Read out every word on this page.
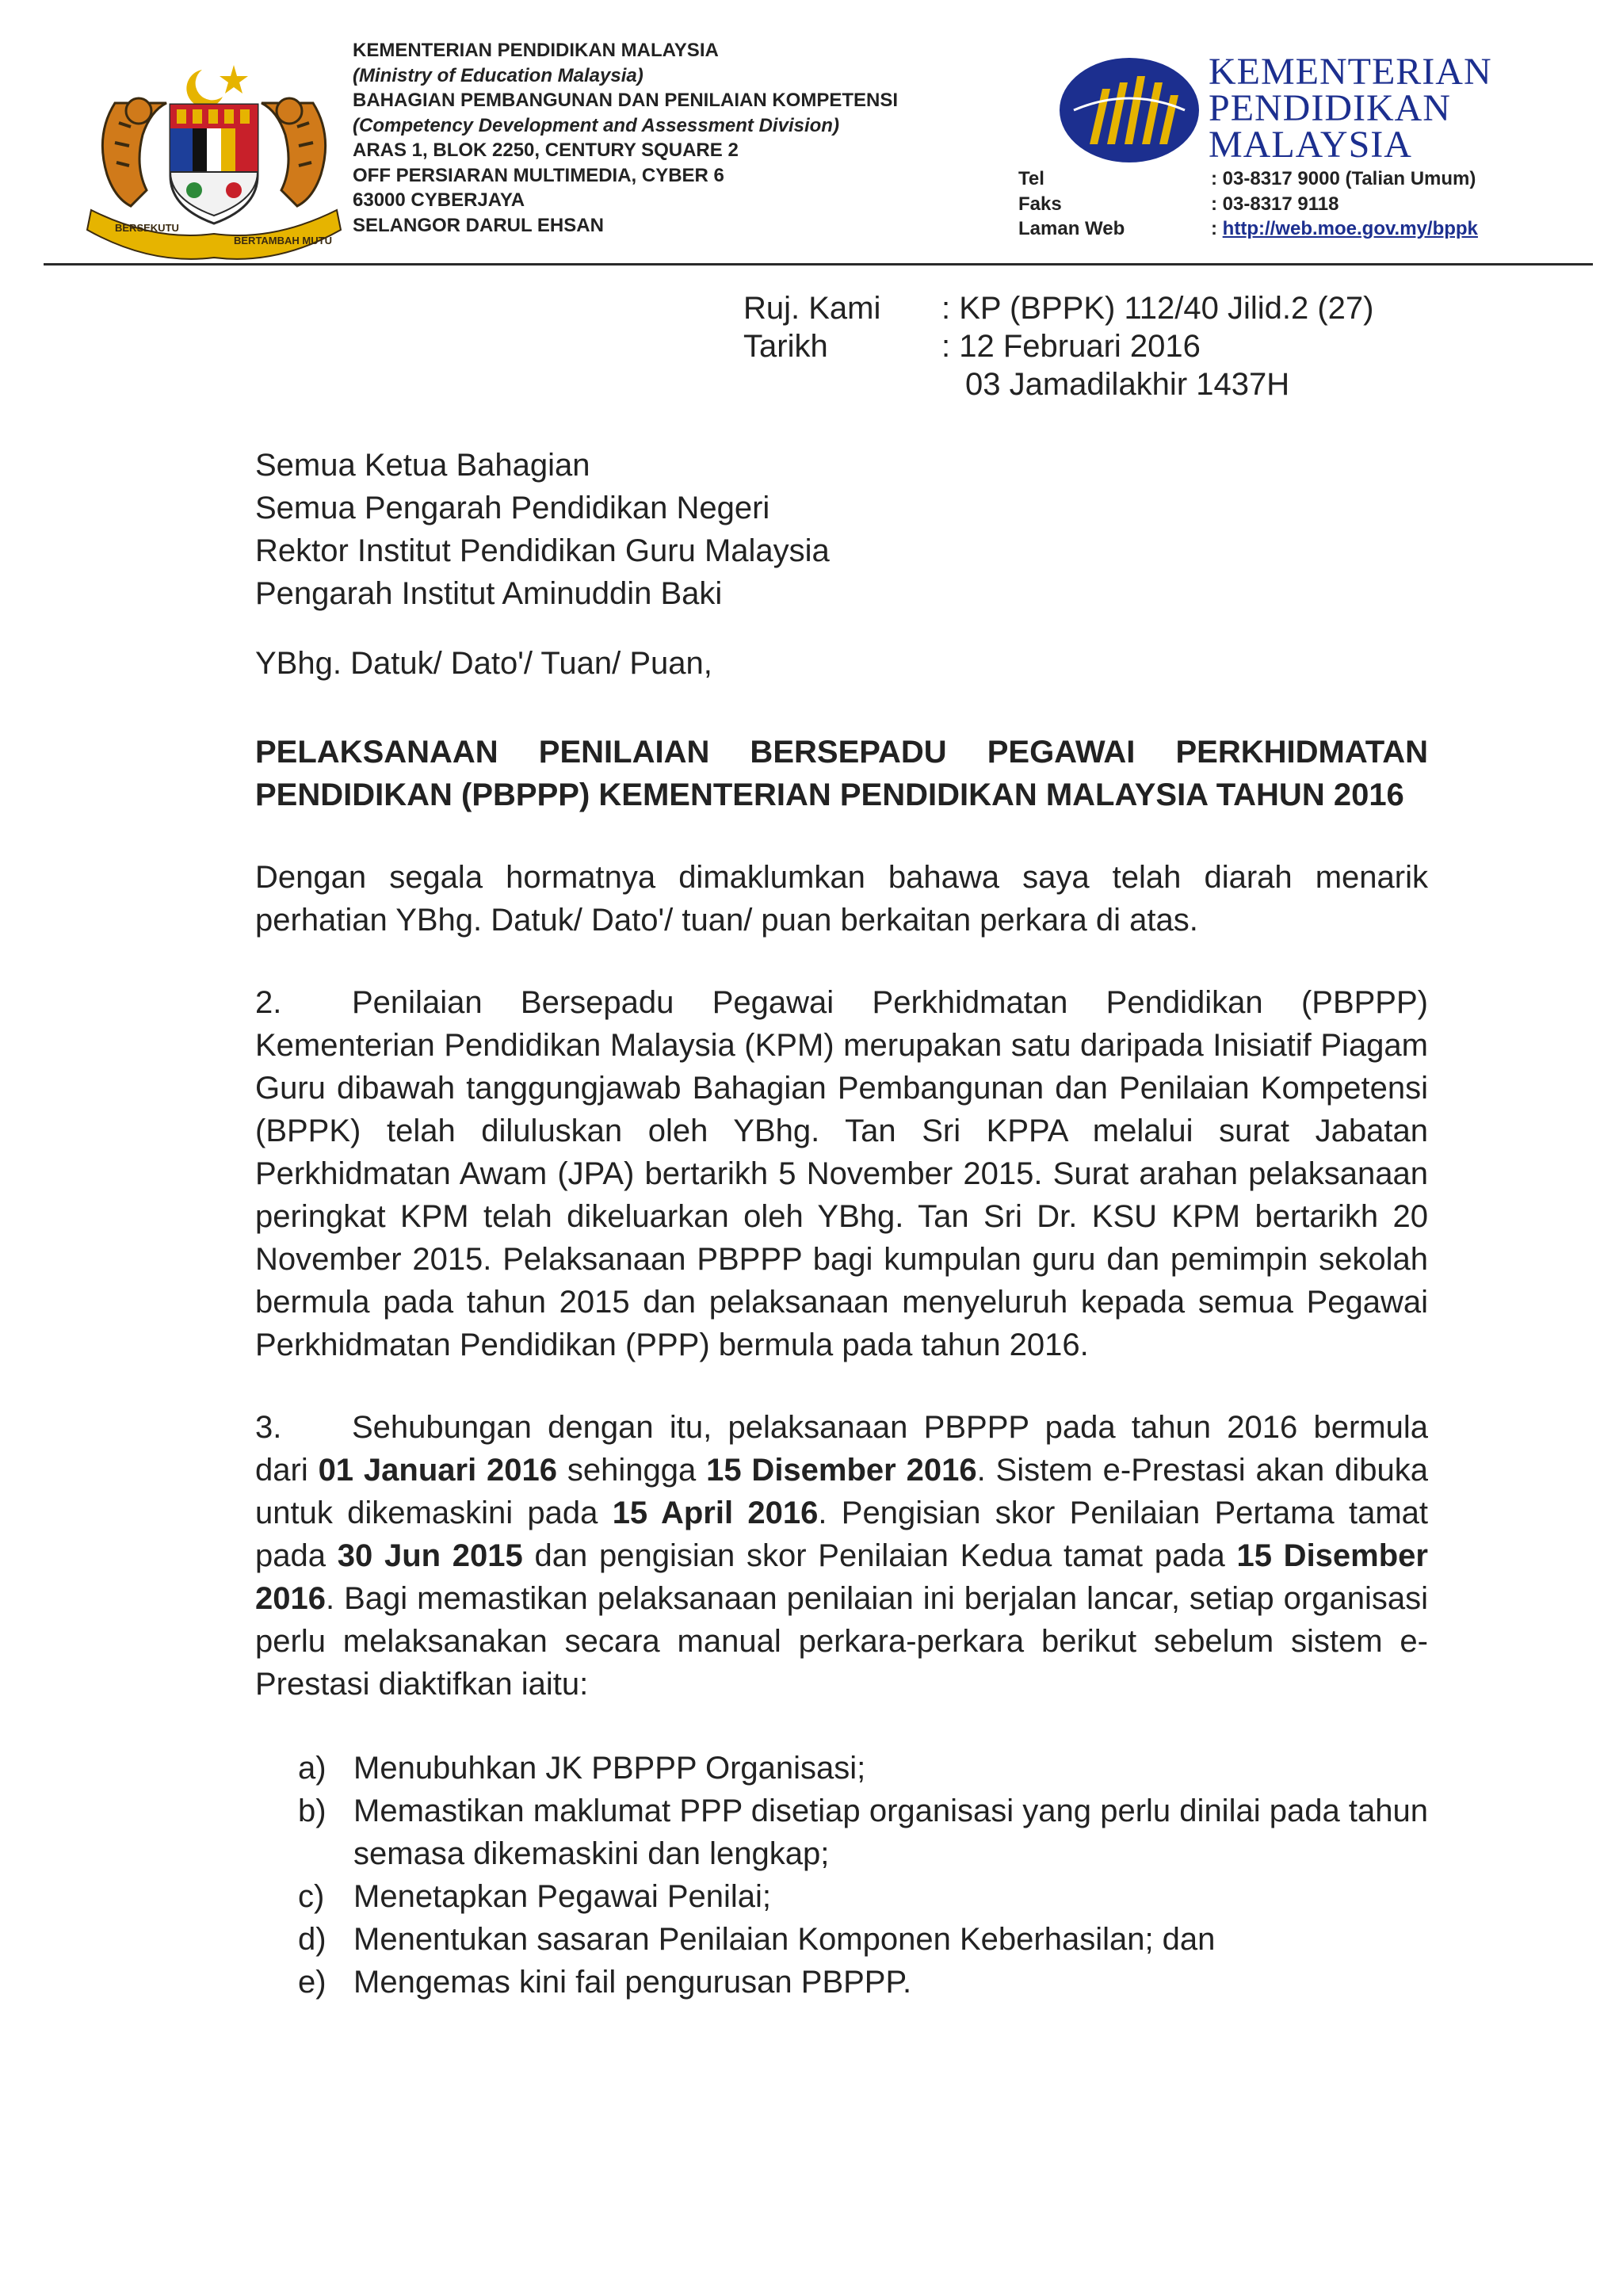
BERSEKUTU
BERTAMBAH MUTU
KEMENTERIAN PENDIDIKAN MALAYSIA
(Ministry of Education Malaysia)
BAHAGIAN PEMBANGUNAN DAN PENILAIAN KOMPETENSI
(Competency Development and Assessment Division)
ARAS 1, BLOK 2250, CENTURY SQUARE 2
OFF PERSIARAN MULTIMEDIA, CYBER 6
63000 CYBERJAYA
SELANGOR DARUL EHSAN
KEMENTERIAN
PENDIDIKAN
MALAYSIA
Tel	: 03-8317 9000 (Talian Umum)
Faks	: 03-8317 9118
Laman Web	: http://web.moe.gov.my/bppk
Ruj. Kami	: KP (BPPK) 112/40 Jilid.2 (27)
Tarikh	: 12 Februari 2016
03 Jamadilakhir 1437H

Semua Ketua Bahagian

Semua Pengarah Pendidikan Negeri

Rektor Institut Pendidikan Guru Malaysia

Pengarah Institut Aminuddin Baki

YBhg. Datuk/ Dato'/ Tuan/ Puan,
PELAKSANAAN PENILAIAN BERSEPADU PEGAWAI PERKHIDMATAN PENDIDIKAN (PBPPP) KEMENTERIAN PENDIDIKAN MALAYSIA TAHUN 2016
Dengan segala hormatnya dimaklumkan bahawa saya telah diarah menarik perhatian YBhg. Datuk/ Dato'/ tuan/ puan berkaitan perkara di atas.
2. Penilaian Bersepadu Pegawai Perkhidmatan Pendidikan (PBPPP) Kementerian Pendidikan Malaysia (KPM) merupakan satu daripada Inisiatif Piagam Guru dibawah tanggungjawab Bahagian Pembangunan dan Penilaian Kompetensi (BPPK) telah diluluskan oleh YBhg. Tan Sri KPPA melalui surat Jabatan Perkhidmatan Awam (JPA) bertarikh 5 November 2015. Surat arahan pelaksanaan peringkat KPM telah dikeluarkan oleh YBhg. Tan Sri Dr. KSU KPM bertarikh 20 November 2015. Pelaksanaan PBPPP bagi kumpulan guru dan pemimpin sekolah bermula pada tahun 2015 dan pelaksanaan menyeluruh kepada semua Pegawai Perkhidmatan Pendidikan (PPP) bermula pada tahun 2016.
3. Sehubungan dengan itu, pelaksanaan PBPPP pada tahun 2016 bermula dari 01 Januari 2016 sehingga 15 Disember 2016. Sistem e-Prestasi akan dibuka untuk dikemaskini pada 15 April 2016. Pengisian skor Penilaian Pertama tamat pada 30 Jun 2015 dan pengisian skor Penilaian Kedua tamat pada 15 Disember 2016. Bagi memastikan pelaksanaan penilaian ini berjalan lancar, setiap organisasi perlu melaksanakan secara manual perkara-perkara berikut sebelum sistem e-Prestasi diaktifkan iaitu:
a) Menubuhkan JK PBPPP Organisasi;
b) Memastikan maklumat PPP disetiap organisasi yang perlu dinilai pada tahun semasa dikemaskini dan lengkap;
c) Menetapkan Pegawai Penilai;
d) Menentukan sasaran Penilaian Komponen Keberhasilan; dan
e) Mengemas kini fail pengurusan PBPPP.
